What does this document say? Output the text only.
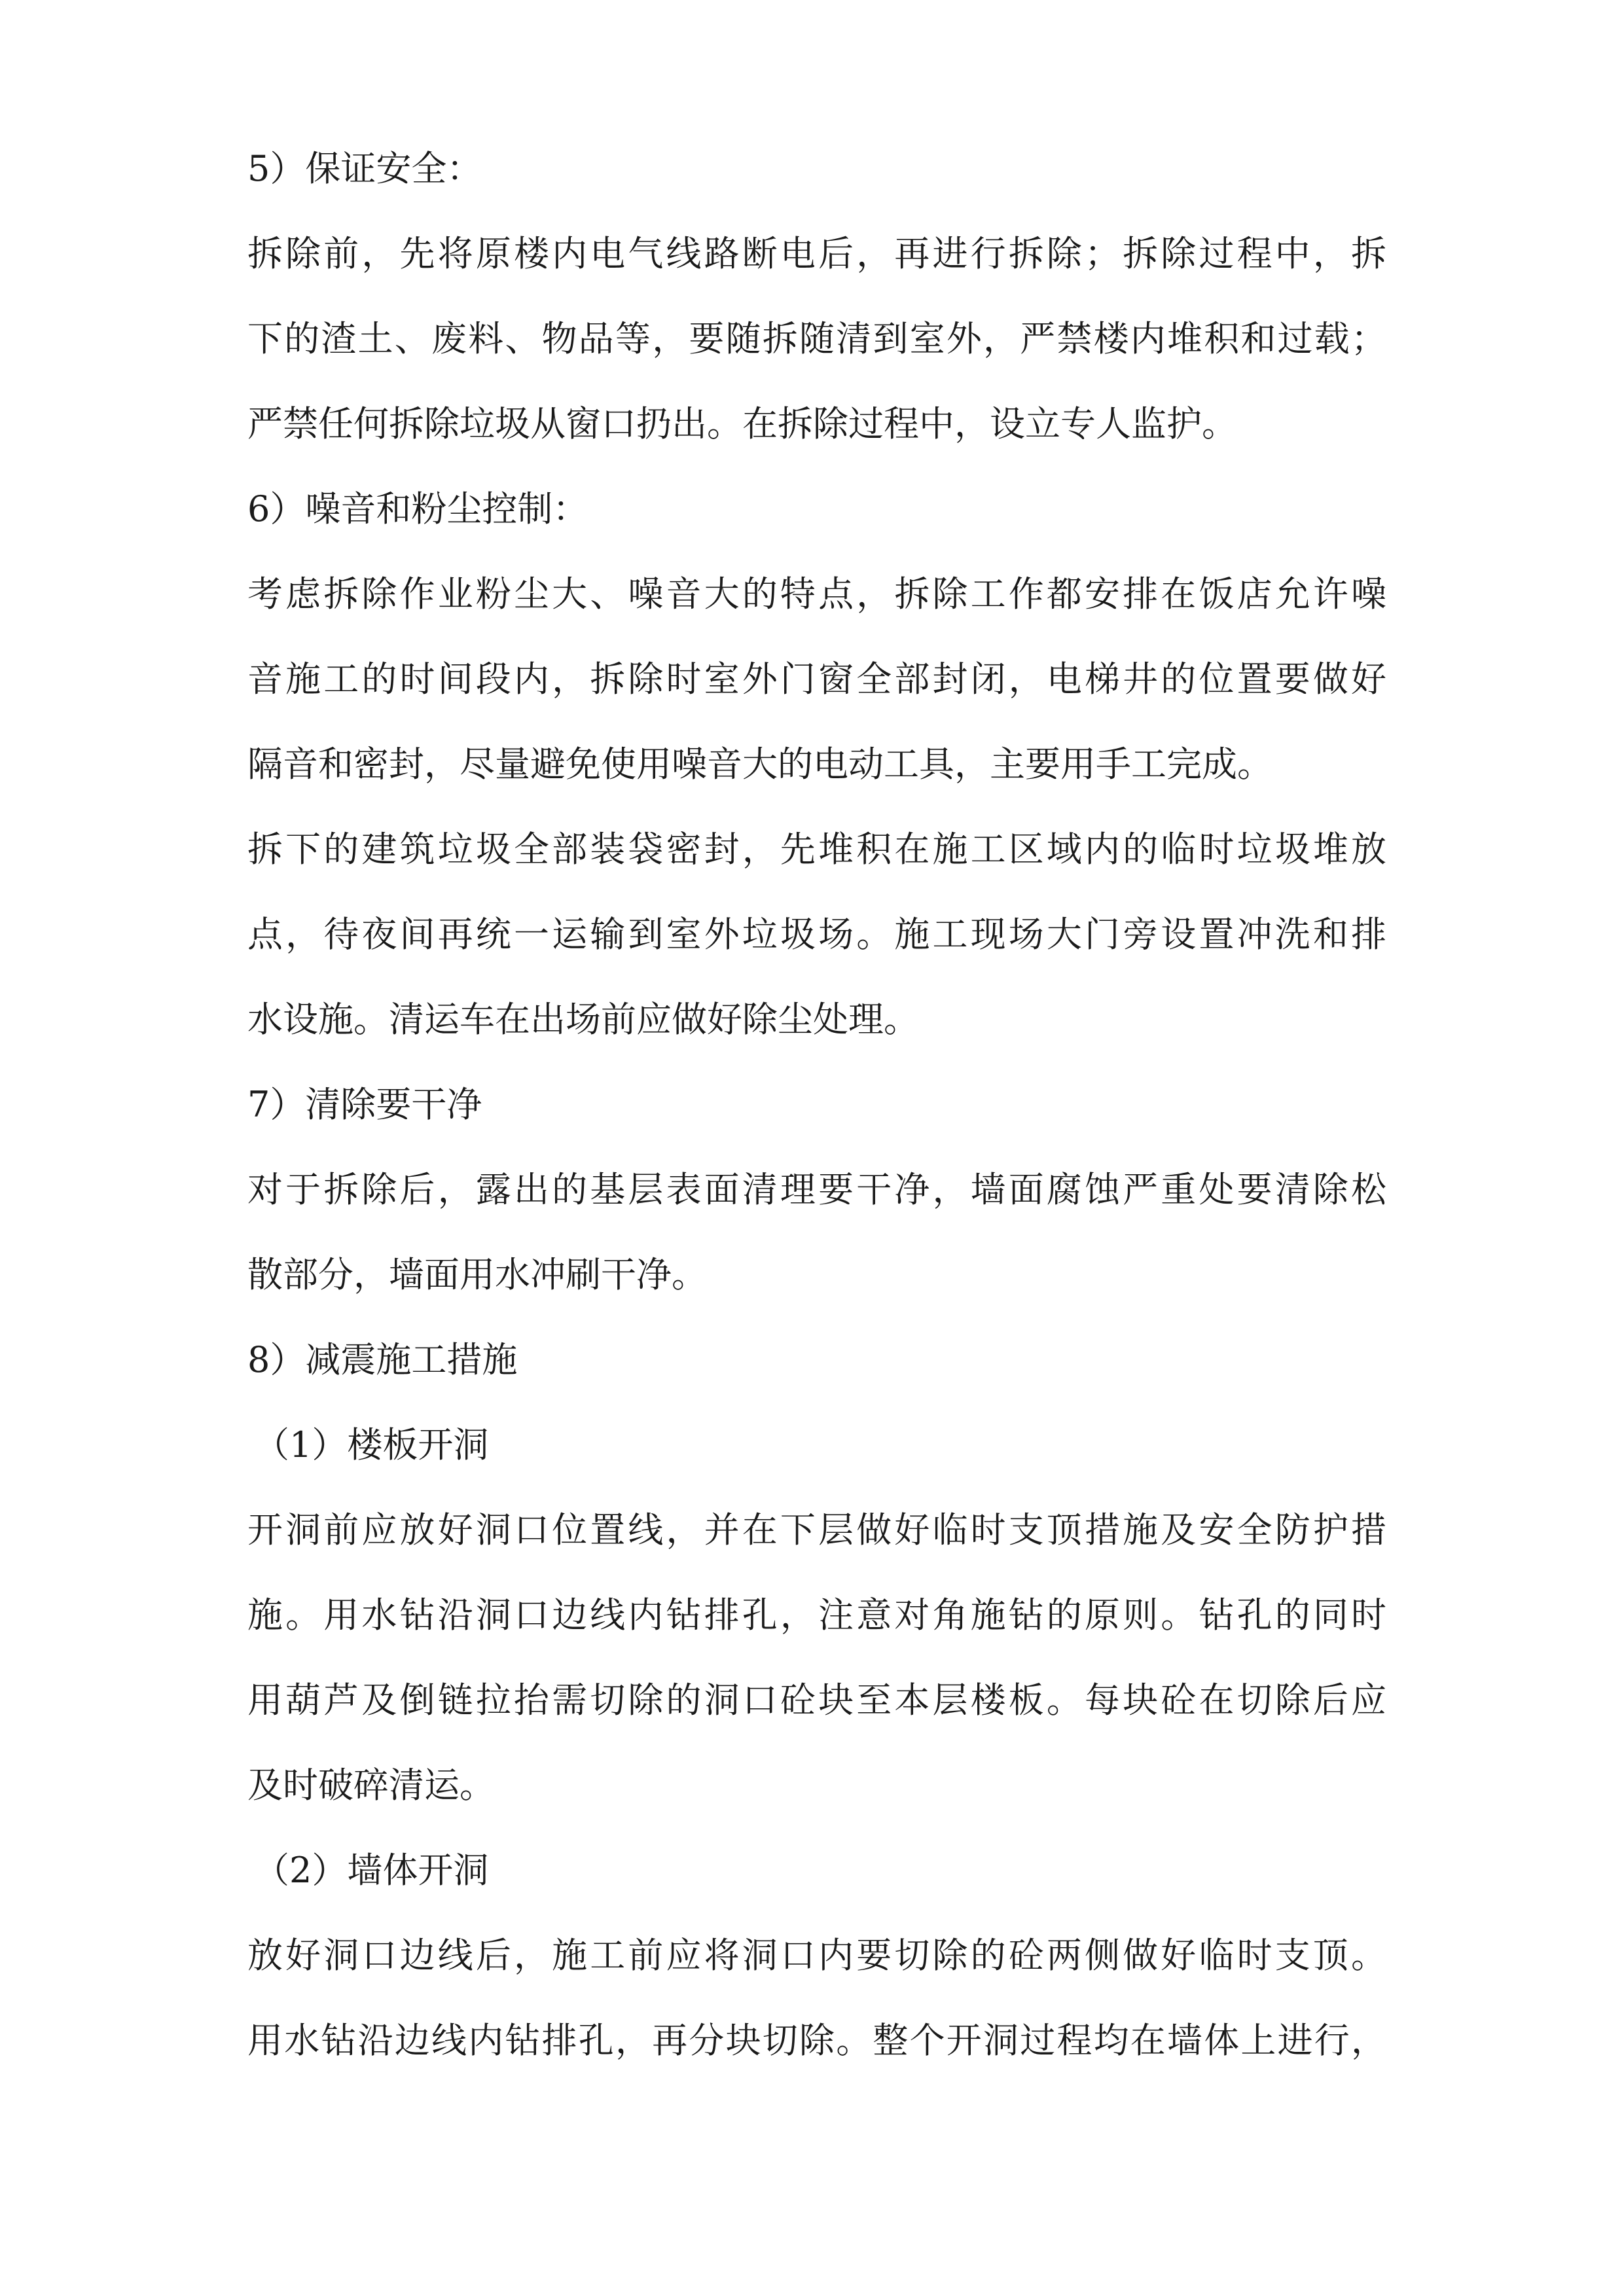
5）保证安全：
拆除前，先将原楼内电气线路断电后，再进行拆除；拆除过程中，拆
下的渣土、废料、物品等，要随拆随清到室外，严禁楼内堆积和过载；
严禁任何拆除垃圾从窗口扔出。在拆除过程中，设立专人监护。
6）噪音和粉尘控制：
考虑拆除作业粉尘大、噪音大的特点，拆除工作都安排在饭店允许噪
音施工的时间段内，拆除时室外门窗全部封闭，电梯井的位置要做好
隔音和密封，尽量避免使用噪音大的电动工具，主要用手工完成。
拆下的建筑垃圾全部装袋密封，先堆积在施工区域内的临时垃圾堆放
点，待夜间再统一运输到室外垃圾场。施工现场大门旁设置冲洗和排
水设施。清运车在出场前应做好除尘处理。
7）清除要干净
对于拆除后，露出的基层表面清理要干净，墙面腐蚀严重处要清除松
散部分，墙面用水冲刷干净。
8）减震施工措施
（1）楼板开洞
开洞前应放好洞口位置线，并在下层做好临时支顶措施及安全防护措
施。用水钻沿洞口边线内钻排孔，注意对角施钻的原则。钻孔的同时
用葫芦及倒链拉抬需切除的洞口砼块至本层楼板。每块砼在切除后应
及时破碎清运。
（2）墙体开洞
放好洞口边线后，施工前应将洞口内要切除的砼两侧做好临时支顶。
用水钻沿边线内钻排孔，再分块切除。整个开洞过程均在墙体上进行，
